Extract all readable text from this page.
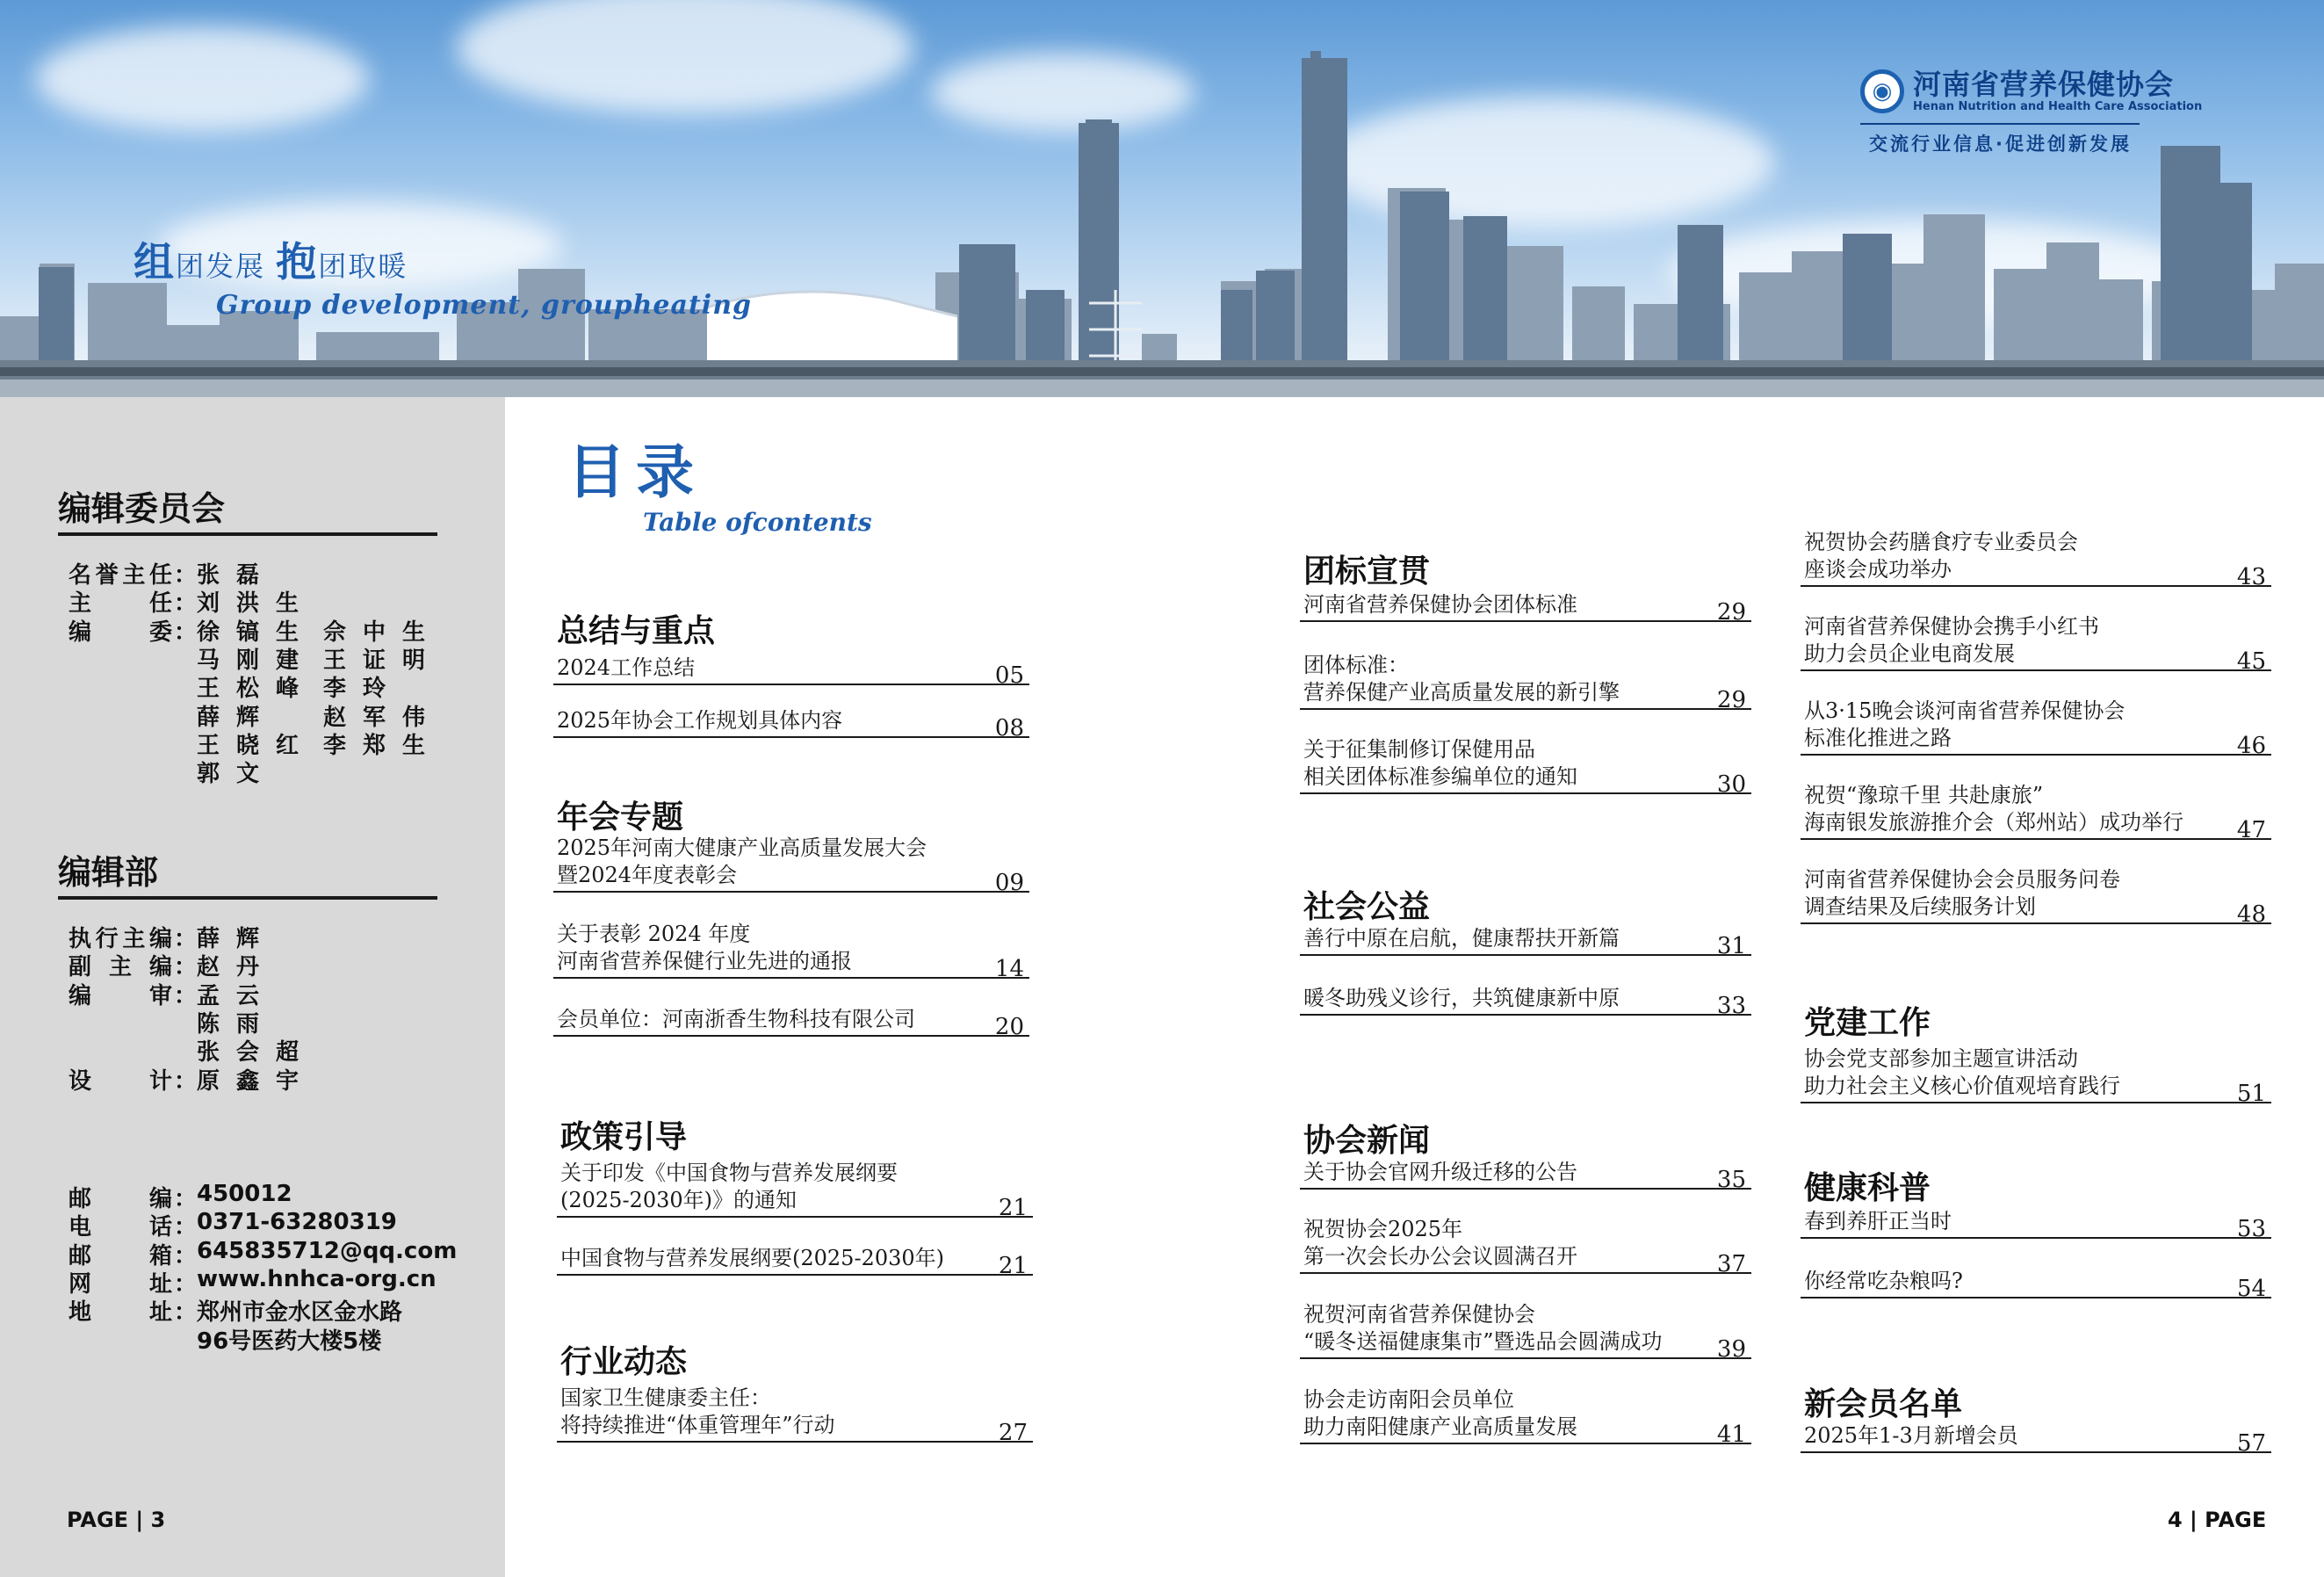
◉ 河南省营养保健协会
Henan Nutrition and Health Care Association
交流行业信息·促进创新发展
组团发展 抱团取暖
Group development, groupheating
编辑委员会
名誉主任 ： 张磊
主任 ： 刘洪生
编委 ： 徐镐生 佘中生
马刚建 王证明
王松峰 李玲
薛辉 赵军伟
王晓红 李郑生
郭文
编辑部
执行主编 ： 薛辉
副主编 ： 赵丹
编审 ： 孟云
陈雨
张会超
设计 ： 原鑫宇
邮编 ： 450012
电话 ： 0371-63280319
邮箱 ： 645835712@qq.com
网址 ： www.hnhca-org.cn
地址 ： 郑州市金水区金水路
96号医药大楼5楼
PAGE | 3	4 | PAGE
目录
Table ofcontents
总结与重点
2024工作总结	05
2025年协会工作规划具体内容	08
年会专题
2025年河南大健康产业高质量发展大会
暨2024年度表彰会	09
关于表彰 2024 年度
河南省营养保健行业先进的通报	14
会员单位：河南浙香生物科技有限公司	20
政策引导
关于印发《中国食物与营养发展纲要
(2025-2030年)》的通知	21
中国食物与营养发展纲要(2025-2030年) 21
行业动态
国家卫生健康委主任：
将持续推进“体重管理年”行动	27
团标宣贯
河南省营养保健协会团体标准	29
团体标准：
营养保健产业高质量发展的新引擎	29
关于征集制修订保健用品
相关团体标准参编单位的通知	30
社会公益
善行中原在启航，健康帮扶开新篇	31
暖冬助残义诊行，共筑健康新中原	33
协会新闻
关于协会官网升级迁移的公告	35
祝贺协会2025年
第一次会长办公会议圆满召开	37
祝贺河南省营养保健协会
“暖冬送福健康集市”暨选品会圆满成功 39
协会走访南阳会员单位
助力南阳健康产业高质量发展	41
祝贺协会药膳食疗专业委员会
座谈会成功举办	43
河南省营养保健协会携手小红书
助力会员企业电商发展	45
从3·15晚会谈河南省营养保健协会
标准化推进之路	46
祝贺“豫琼千里 共赴康旅”
海南银发旅游推介会（郑州站）成功举行 47
河南省营养保健协会会员服务问卷
调查结果及后续服务计划	48
党建工作
协会党支部参加主题宣讲活动
助力社会主义核心价值观培育践行	51
健康科普
春到养肝正当时	53
你经常吃杂粮吗?	54
新会员名单
2025年1-3月新增会员	57
